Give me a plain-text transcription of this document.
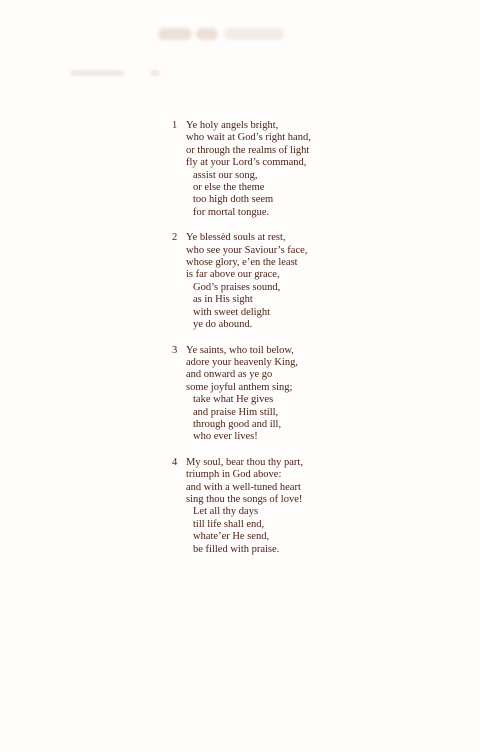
1 Ye holy angels bright,
who wait at God’s right hand,
or through the realms of light
fly at your Lord’s command,
assist our song,
or else the theme
too high doth seem
for mortal tongue.
2 Ye blessèd souls at rest,
who see your Saviour’s face,
whose glory, e’en the least
is far above our grace,
God’s praises sound,
as in His sight
with sweet delight
ye do abound.
3 Ye saints, who toil below,
adore your heavenly King,
and onward as ye go
some joyful anthem sing;
take what He gives
and praise Him still,
through good and ill,
who ever lives!
4 My soul, bear thou thy part,
triumph in God above:
and with a well-tuned heart
sing thou the songs of love!
Let all thy days
till life shall end,
whate’er He send,
be filled with praise.
